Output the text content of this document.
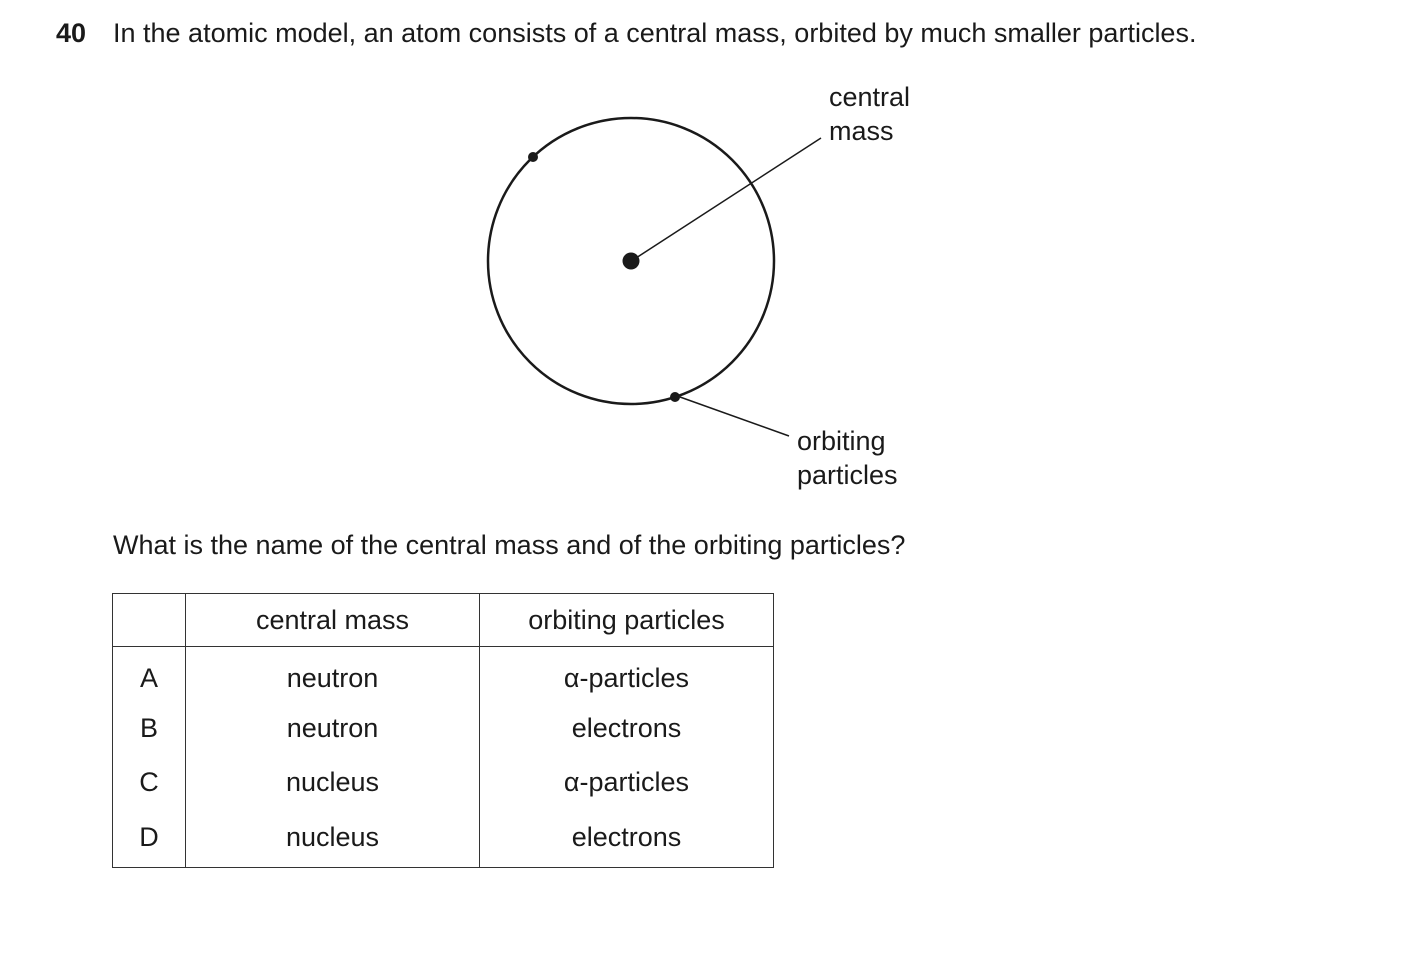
40 In the atomic model, an atom consists of a central mass, orbited by much smaller particles.
central
mass
orbiting
particles
What is the name of the central mass and of the orbiting particles?
	central mass	orbiting particles
A	neutron	α-particles
B	neutron	electrons
C	nucleus	α-particles
D	nucleus	electrons
